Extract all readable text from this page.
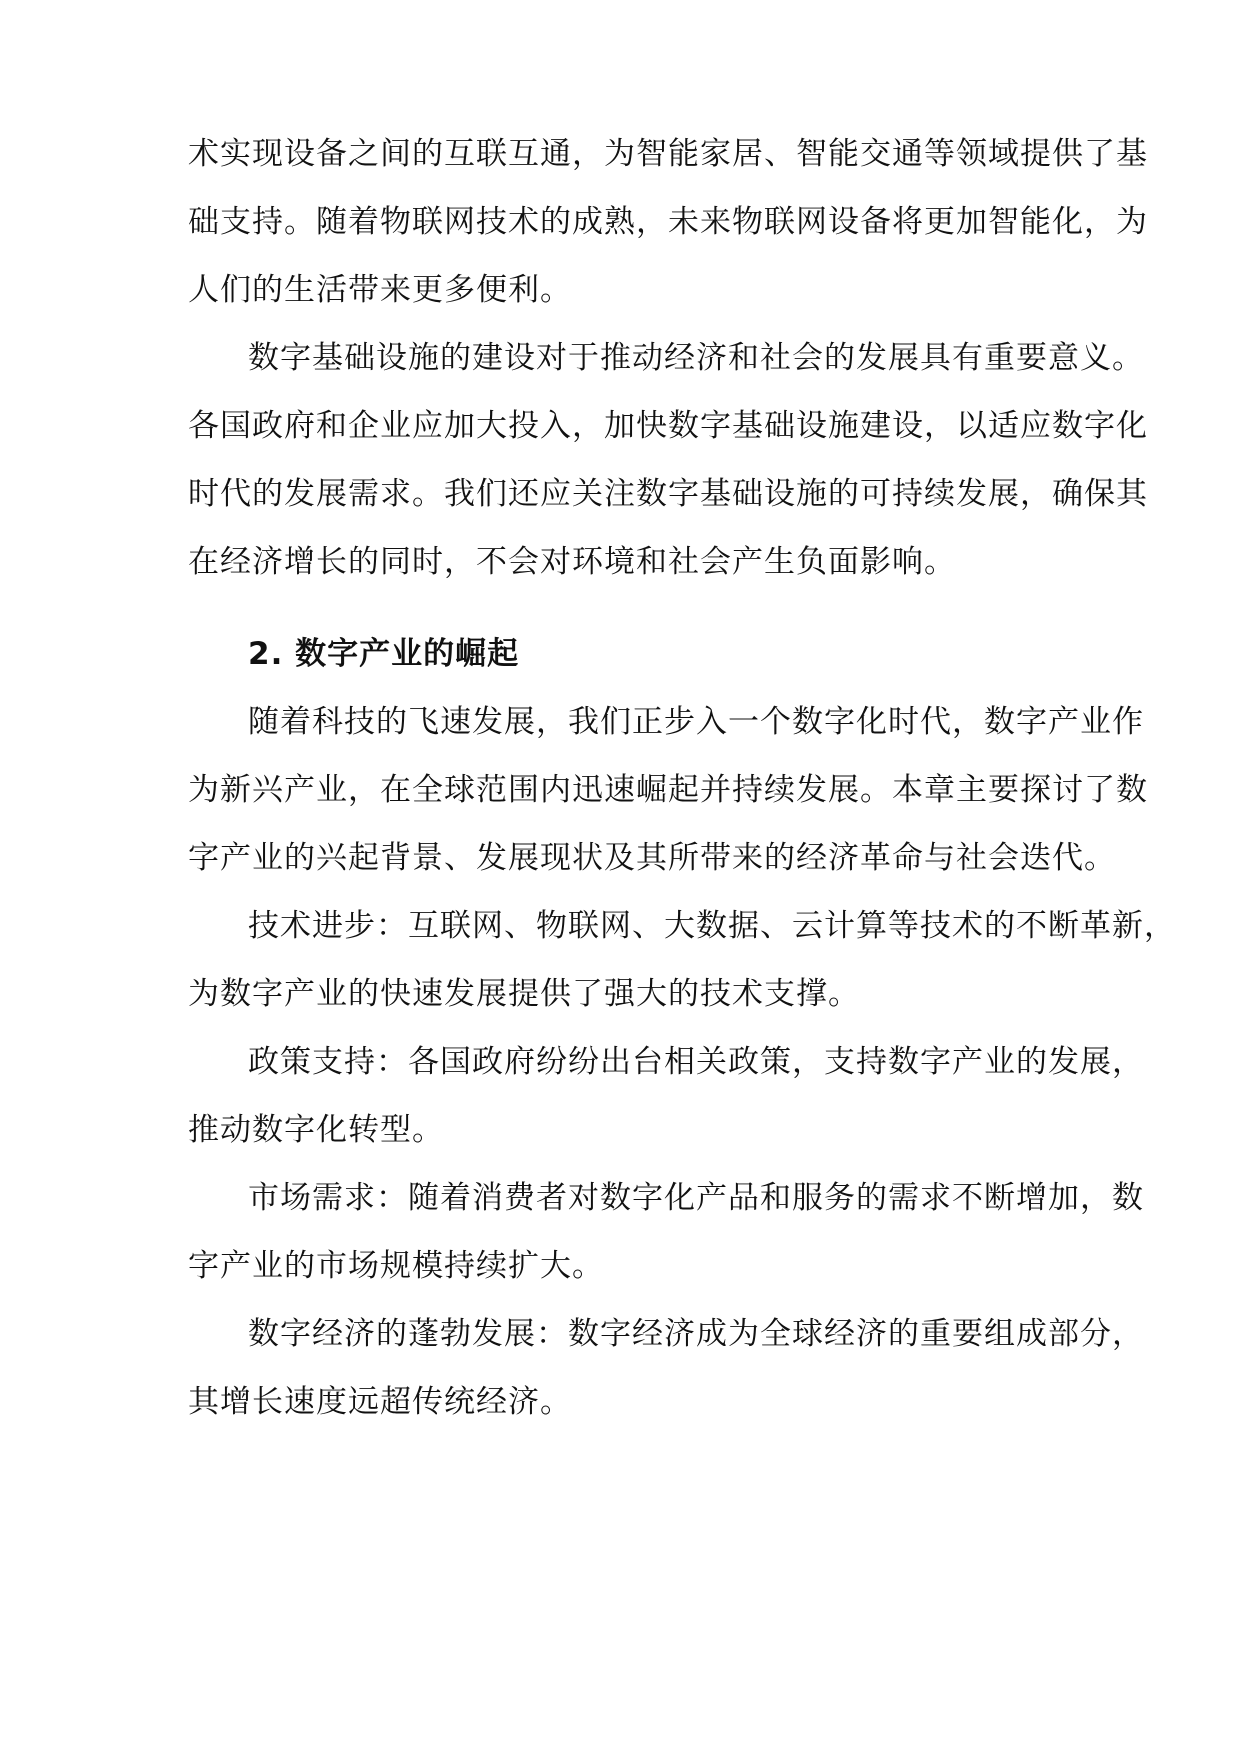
术实现设备之间的互联互通，为智能家居、智能交通等领域提供了基
础支持。随着物联网技术的成熟，未来物联网设备将更加智能化，为
人们的生活带来更多便利。
数字基础设施的建设对于推动经济和社会的发展具有重要意义。
各国政府和企业应加大投入，加快数字基础设施建设，以适应数字化
时代的发展需求。我们还应关注数字基础设施的可持续发展，确保其
在经济增长的同时，不会对环境和社会产生负面影响。
2. 数字产业的崛起
随着科技的飞速发展，我们正步入一个数字化时代，数字产业作
为新兴产业，在全球范围内迅速崛起并持续发展。本章主要探讨了数
字产业的兴起背景、发展现状及其所带来的经济革命与社会迭代。
技术进步：互联网、物联网、大数据、云计算等技术的不断革新，
为数字产业的快速发展提供了强大的技术支撑。
政策支持：各国政府纷纷出台相关政策，支持数字产业的发展，
推动数字化转型。
市场需求：随着消费者对数字化产品和服务的需求不断增加，数
字产业的市场规模持续扩大。
数字经济的蓬勃发展：数字经济成为全球经济的重要组成部分，
其增长速度远超传统经济。
